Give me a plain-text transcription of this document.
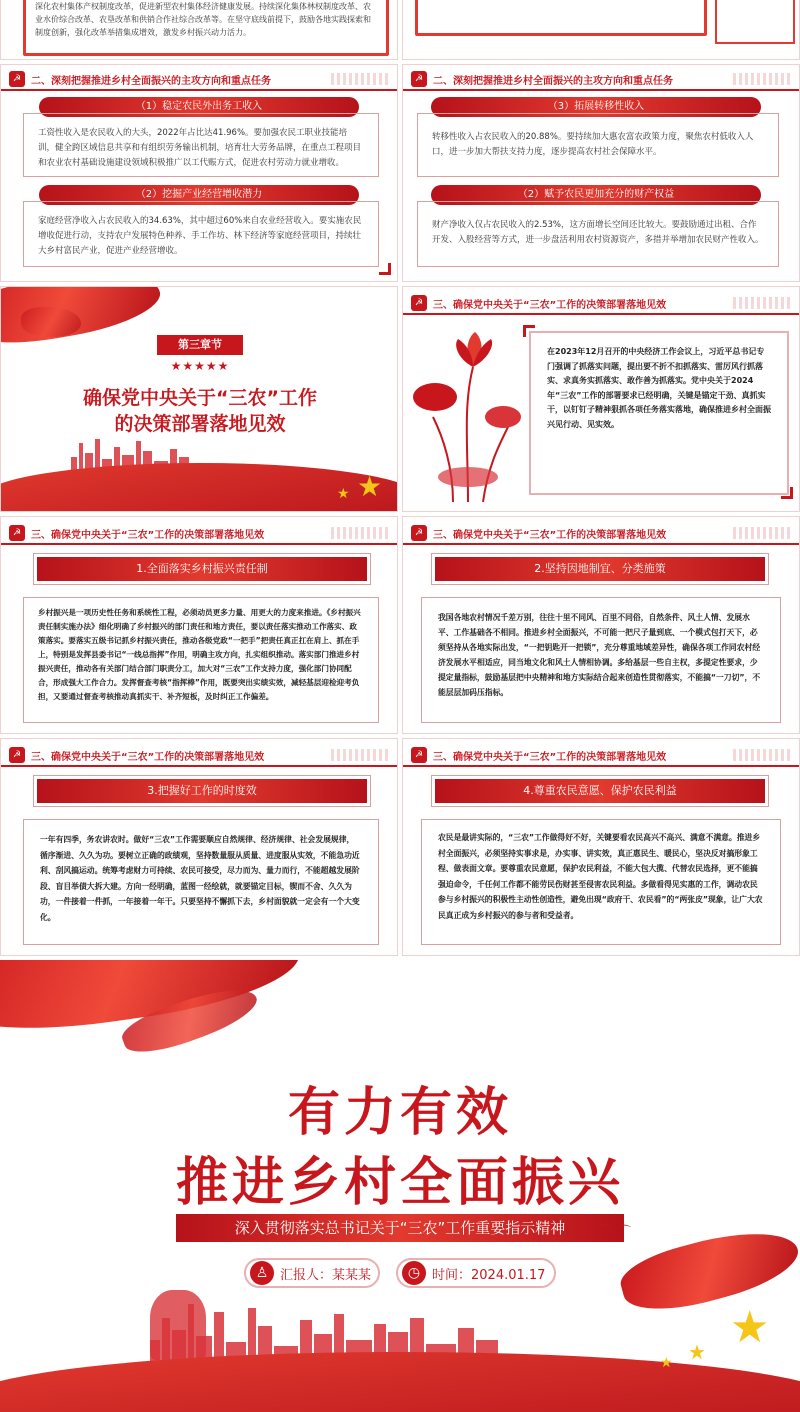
深化农村集体产权制度改革，促进新型农村集体经济健康发展。持续深化集体林权制度改革、农业水价综合改革、农垦改革和供销合作社综合改革等。在坚守底线前提下，鼓励各地实践探索和制度创新，强化改革举措集成增效，激发乡村振兴动力活力。
☭ 二、深刻把握推进乡村全面振兴的主攻方向和重点任务
（1）稳定农民外出务工收入
工资性收入是农民收入的大头，2022年占比达41.96%。要加强农民工职业技能培训，健全跨区域信息共享和有组织劳务输出机制，培育壮大劳务品牌，在重点工程项目和农业农村基础设施建设领域积极推广以工代赈方式，促进农村劳动力就业增收。
（2）挖掘产业经营增收潜力
家庭经营净收入占农民收入的34.63%，其中超过60%来自农业经营收入。要实施农民增收促进行动，支持农户发展特色种养、手工作坊、林下经济等家庭经营项目，持续壮大乡村富民产业，促进产业经营增收。
☭ 二、深刻把握推进乡村全面振兴的主攻方向和重点任务
（3）拓展转移性收入
转移性收入占农民收入的20.88%。要持续加大惠农富农政策力度，聚焦农村低收入人口，进一步加大帮扶支持力度，逐步提高农村社会保障水平。
（2）赋予农民更加充分的财产权益
财产净收入仅占农民收入的2.53%，这方面增长空间还比较大。要鼓励通过出租、合作开发、入股经营等方式，进一步盘活利用农村资源资产，多措并举增加农民财产性收入。
第三章节
★★★★★
确保党中央关于“三农”工作
的决策部署落地见效
★
★
☭ 三、确保党中央关于“三农”工作的决策部署落地见效
在2023年12月召开的中央经济工作会议上，习近平总书记专门强调了抓落实问题，提出要不折不扣抓落实、雷厉风行抓落实、求真务实抓落实、敢作善为抓落实。党中央关于2024年“三农”工作的部署要求已经明确，关键是锚定干劲、真抓实干，以钉钉子精神狠抓各项任务落实落地，确保推进乡村全面振兴见行动、见实效。
☭ 三、确保党中央关于“三农”工作的决策部署落地见效
1.全面落实乡村振兴责任制
乡村振兴是一项历史性任务和系统性工程，必须动员更多力量、用更大的力度来推进。《乡村振兴责任制实施办法》细化明确了乡村振兴的部门责任和地方责任，要以责任落实推动工作落实、政策落实。要落实五级书记抓乡村振兴责任，推动各级党政“一把手”把责任真正扛在肩上、抓在手上，特别是发挥县委书记“一线总指挥”作用，明确主攻方向，扎实组织推动。落实部门推进乡村振兴责任，推动各有关部门结合部门职责分工，加大对“三农”工作支持力度，强化部门协同配合，形成强大工作合力。发挥督查考核“指挥棒”作用，既要突出实绩实效，减轻基层迎检迎考负担，又要通过督查考核推动真抓实干、补齐短板，及时纠正工作偏差。
☭ 三、确保党中央关于“三农”工作的决策部署落地见效
2.坚持因地制宜、分类施策
我国各地农村情况千差万别，往往十里不同风、百里不同俗，自然条件、风土人情、发展水平、工作基础各不相同。推进乡村全面振兴，不可能一把尺子量到底、一个模式包打天下，必须坚持从各地实际出发，“一把钥匙开一把锁”，充分尊重地域差异性，确保各项工作同农村经济发展水平相适应，同当地文化和风土人情相协调。多给基层一些自主权，多提定性要求，少提定量指标，鼓励基层把中央精神和地方实际结合起来创造性贯彻落实，不能搞“一刀切”，不能层层加码压指标。
☭ 三、确保党中央关于“三农”工作的决策部署落地见效
3.把握好工作的时度效
一年有四季，务农讲农时。做好“三农”工作需要顺应自然规律、经济规律、社会发展规律，循序渐进、久久为功。要树立正确的政绩观，坚持数量服从质量、进度服从实效，不能急功近利、刮风搞运动。统筹考虑财力可持续、农民可接受，尽力而为、量力而行，不能超越发展阶段、盲目举债大拆大建。方向一经明确，蓝图一经绘就，就要锚定目标，锲而不舍、久久为功，一件接着一件抓，一年接着一年干。只要坚持不懈抓下去，乡村面貌就一定会有一个大变化。
☭ 三、确保党中央关于“三农”工作的决策部署落地见效
4.尊重农民意愿、保护农民利益
农民是最讲实际的，“三农”工作做得好不好，关键要看农民高兴不高兴、满意不满意。推进乡村全面振兴，必须坚持实事求是，办实事、讲实效，真正惠民生、暖民心，坚决反对搞形象工程、做表面文章。要尊重农民意愿，保护农民利益，不能大包大揽、代替农民选择，更不能搞强迫命令，千任何工作都不能劳民伤财甚至侵害农民利益。多做看得见实惠的工作，调动农民参与乡村振兴的积极性主动性创造性，避免出现“政府干、农民看”的“两张皮”现象，让广大农民真正成为乡村振兴的参与者和受益者。
有力有效
推进乡村全面振兴
深入贯彻落实总书记关于“三农”工作重要指示精神
♙ 汇报人：某某某	◷ 时间：2024.01.17
⌒ ⌒ ⌒
★
★
★
